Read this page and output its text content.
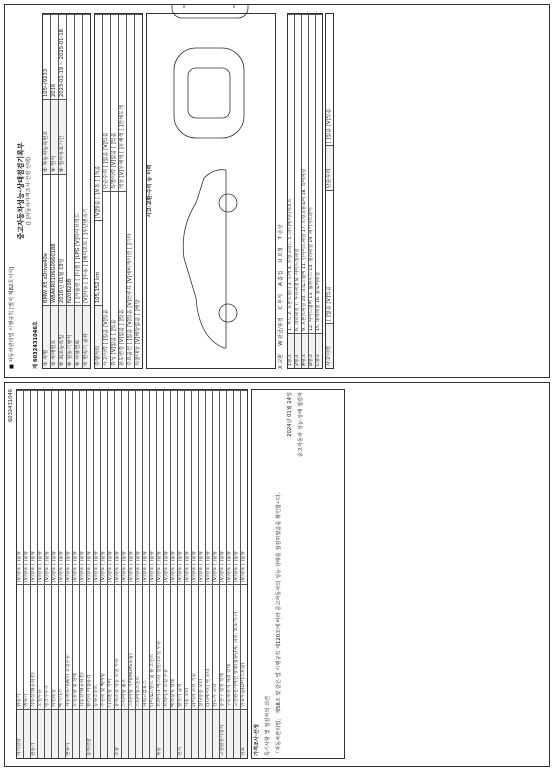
■ 자동차관리법 시행규칙 [별지 제82호서식]
중고자동차성능·상태점검기록부 ([ ]자동차가격조사·산정 선택)
제 6032431046호 ① 차명
BMW X5 xDrive40e
② 자동차등록번호
105나9233
③ 차대번호
WBAKR0106G0S60188
④ 연식
2016
⑤ 최초등록일
2016년 01월 19일
⑥ 검사유효기간
2023-01-19 ~ 2025-01-18
⑧ 원동기형식
N20B20B
⑨ 사용연료
[ ]가솔린 [ ]디젤 [ ]LPG [V]하이브리드
⑦ 변속기 종류
[V]자동 [ ]수동 [ ]세미오토 [ ]무단변속기
주행거리
105,152 km
[V]많음 [ ]보통 [ ]적음
사고이력 [ ]없음 [V]있음
단순수리 [ ]없음 [V]있음
튜닝 [V]없음 [ ]있음
특별이력 [V]없음 [ ]있음
용도변경 [V]없음 [ ]있음
색상 [V]무채색 [ ]유채색 [ ]전체도색
주요옵션 [ ]없음 [V]있음 [V]선루프 [V]네비게이션 [ ]기타 리콜대상 [V]해당없음 [ ]해당
사고·교환·수리 등 이력
X 교환
W 판금/용접
C 부식
A 흠집
U 요철
T 손상
1랭크
1. 후드 2. 프론트휀더 3. 도어 4. 트렁크리드 5. 라디에이터서포트
2랭크
6. 쿼터패널 7. 루프패널 8. 사이드실패널
A랭크
9. 프론트패널 10. 크로스멤버 11. 인사이드패널 17. 트렁크플로어 18. 리어패널
B랭크
12. 사이드멤버 13. 휠하우스 14. 필러패널 19. 패키지트레이
C랭크
15. 대쉬패널 16. 플로어패널
사고이력
[ ]없음 [V]있음
단순수리
[ ]없음 [V]있음
6032431046
자기진단
원동기
[V]양호 [ ]불량
변속기
[V]양호 [ ]불량
원동기
작동상태(공회전)
[V]양호 [ ]불량
오일누유
[V]양호 [ ]불량
냉각수누수
[V]양호 [ ]불량
커먼레일
[V]양호 [ ]불량
배기가스
[V]양호 [ ]불량
변속기
자동변속기(A/T) 오일누유
[V]양호 [ ]불량
오일유량 및 상태
[V]양호 [ ]불량
작동상태(공회전)
[V]양호 [ ]불량
동력전달
클러치 어셈블리
[V]양호 [ ]불량
등속조인트
[V]양호 [ ]불량
추진축 및 베어링
[V]양호 [ ]불량
디퍼렌셜 기어
[V]양호 [ ]불량
조향
동력조향 작동 오일 누유
[V]양호 [ ]불량
스티어링 펌프
[V]양호 [ ]불량
스티어링 기어(MDPS포함)
[V]양호 [ ]불량
스티어링조인트
[V]양호 [ ]불량
파워고압호스
[V]양호 [ ]불량
타이로드엔드 및 볼 조인트
[V]양호 [ ]불량
제동
브레이크 마스터 실린더오일 누유
[V]양호 [ ]불량
브레이크 오일 누유
[V]양호 [ ]불량
배력장치 상태
[V]양호 [ ]불량
전기
발전기 출력
[V]양호 [ ]불량
시동 모터
[V]양호 [ ]불량
와이퍼 모터 기능
[V]양호 [ ]불량
실내송풍 모터
[V]양호 [ ]불량
라디에이터 팬 모터
[V]양호 [ ]불량
윈도우 모터
[V]양호 [ ]불량
고전원전기장치
충전구 절연 상태
[V]양호 [ ]불량
구동축전지 격리 상태
[V]양호 [ ]불량
고전원전기배선 상태(접속단자, 피복, 보호기구)
[V]양호 [ ]불량
연료
연료누출(LP가스포함)
[V]양호 [ ]불량
가격조사·산정 특기사항 및 점검자의 의견 「자동차관리법」 제58조 및 같은 법 시행규칙 제120조에 따라 중고자동차의 성능·상태를 점검하였음을 확인합니다.
2024년 01월 24일 중고자동차 성능·상태 점검자
